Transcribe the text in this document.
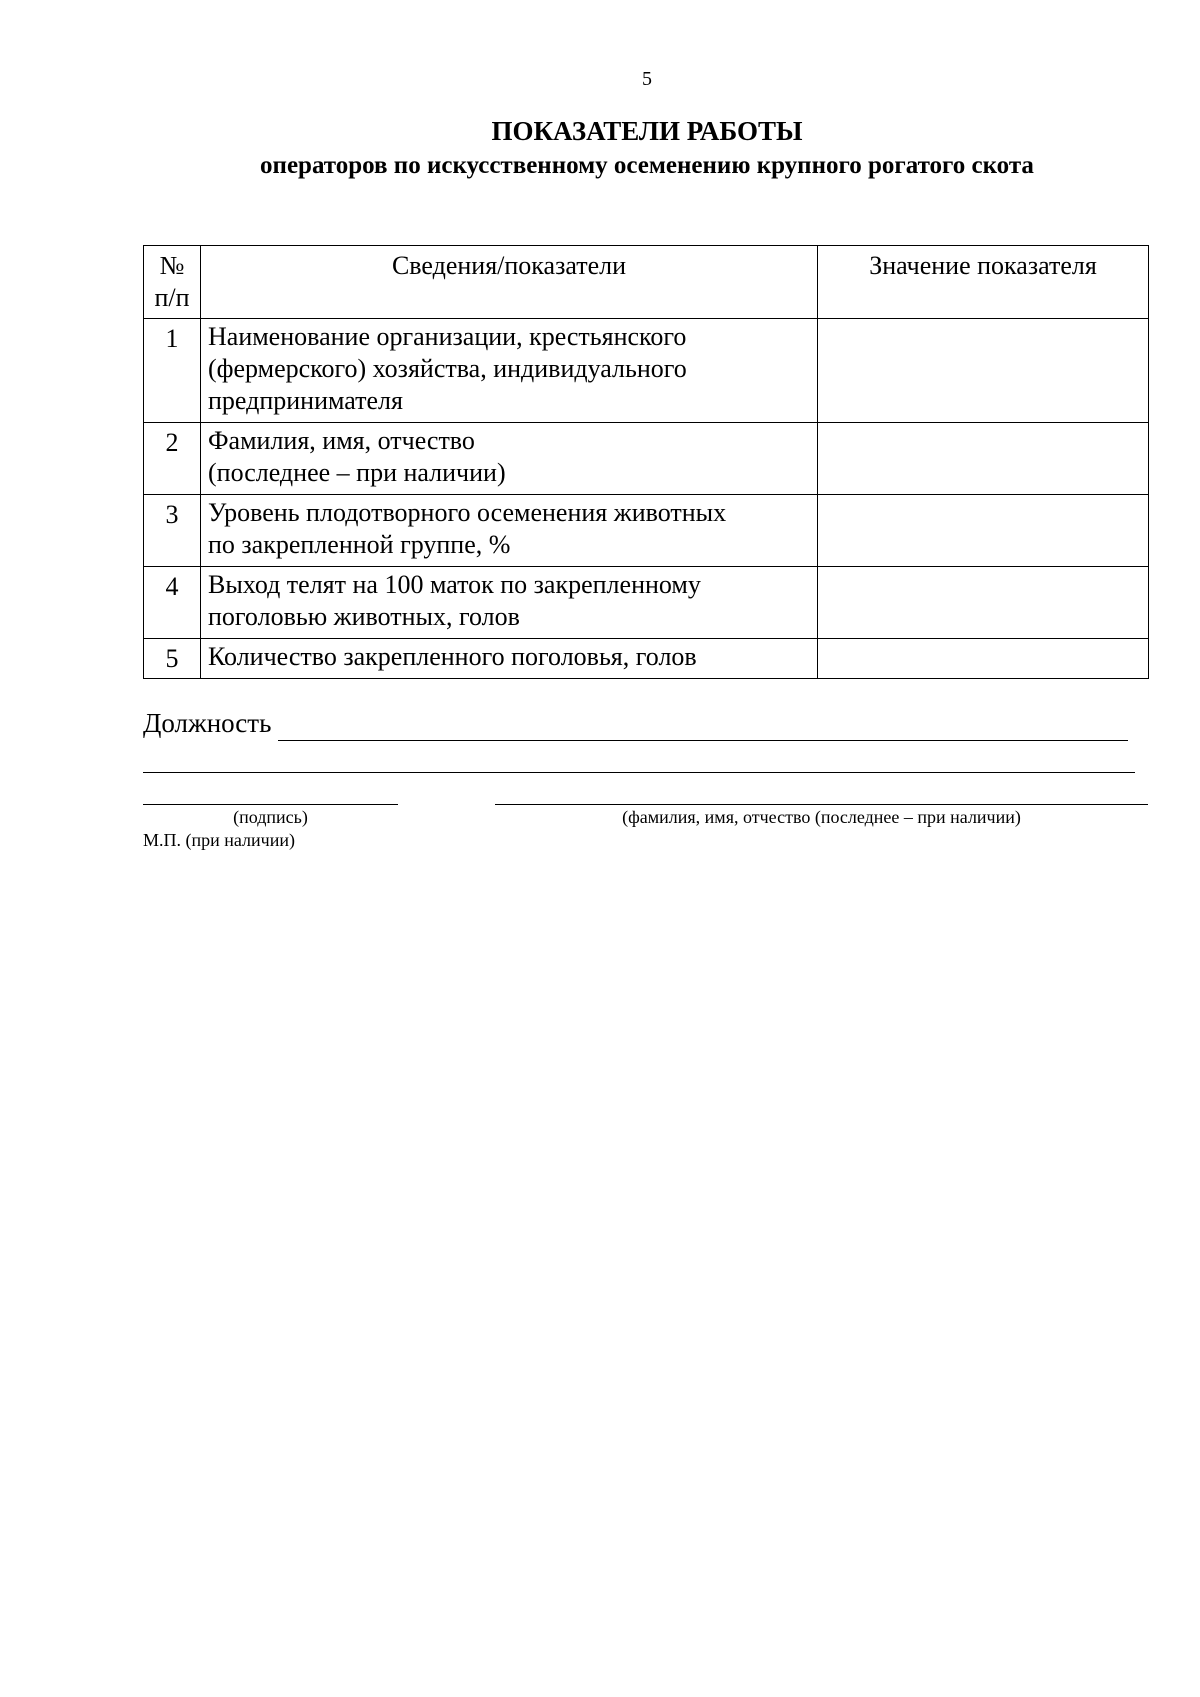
5
ПОКАЗАТЕЛИ РАБОТЫ
операторов по искусственному осеменению крупного рогатого скота
№
п/п	Сведения/показатели	Значение показателя
1	Наименование организации, крестьянского
(фермерского) хозяйства, индивидуального
предпринимателя	

2	Фамилия, имя, отчество
(последнее – при наличии)	

3	Уровень плодотворного осеменения животных
по закрепленной группе, %	

4	Выход телят на 100 маток по закрепленному
поголовью животных, голов	

5	Количество закрепленного поголовья, голов	

Должность
(подпись)	(фамилия, имя, отчество (последнее – при наличии)
М.П. (при наличии)
